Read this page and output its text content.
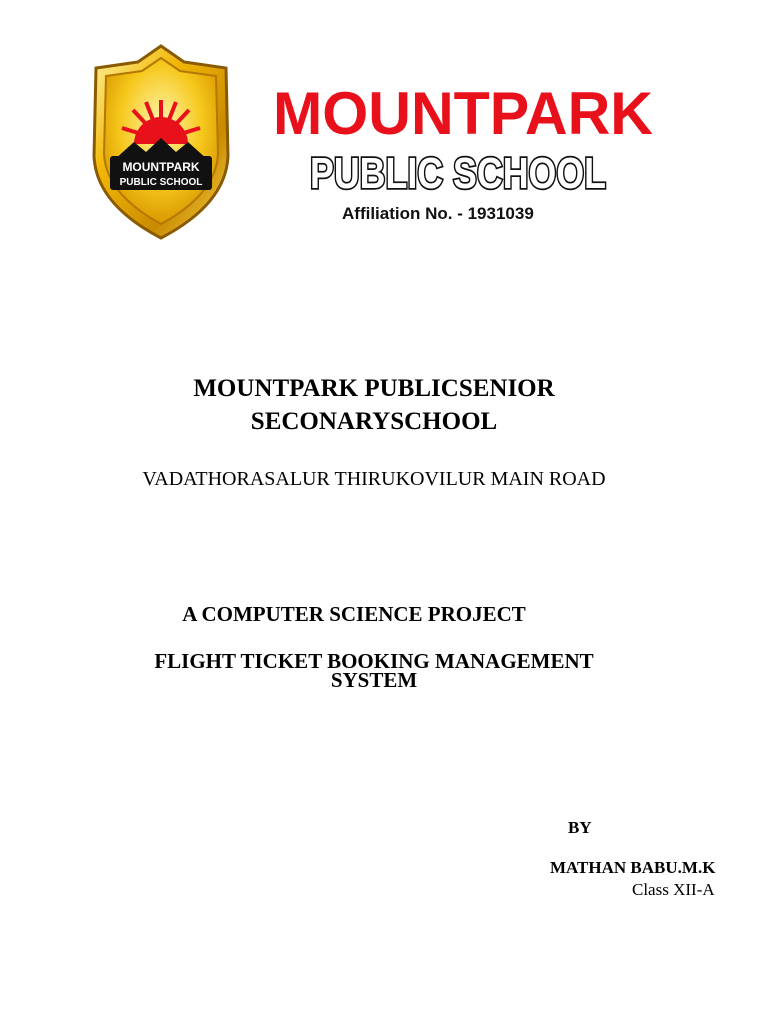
MOUNTPARK
PUBLIC SCHOOL
MOUNTPARK
PUBLIC SCHOOL
Affiliation No. - 1931039
MOUNTPARK PUBLICSENIOR SECONARYSCHOOL
VADATHORASALUR THIRUKOVILUR MAIN ROAD
A COMPUTER SCIENCE PROJECT
FLIGHT TICKET BOOKING MANAGEMENT SYSTEM
BY
MATHAN BABU.M.K
Class XII-A
